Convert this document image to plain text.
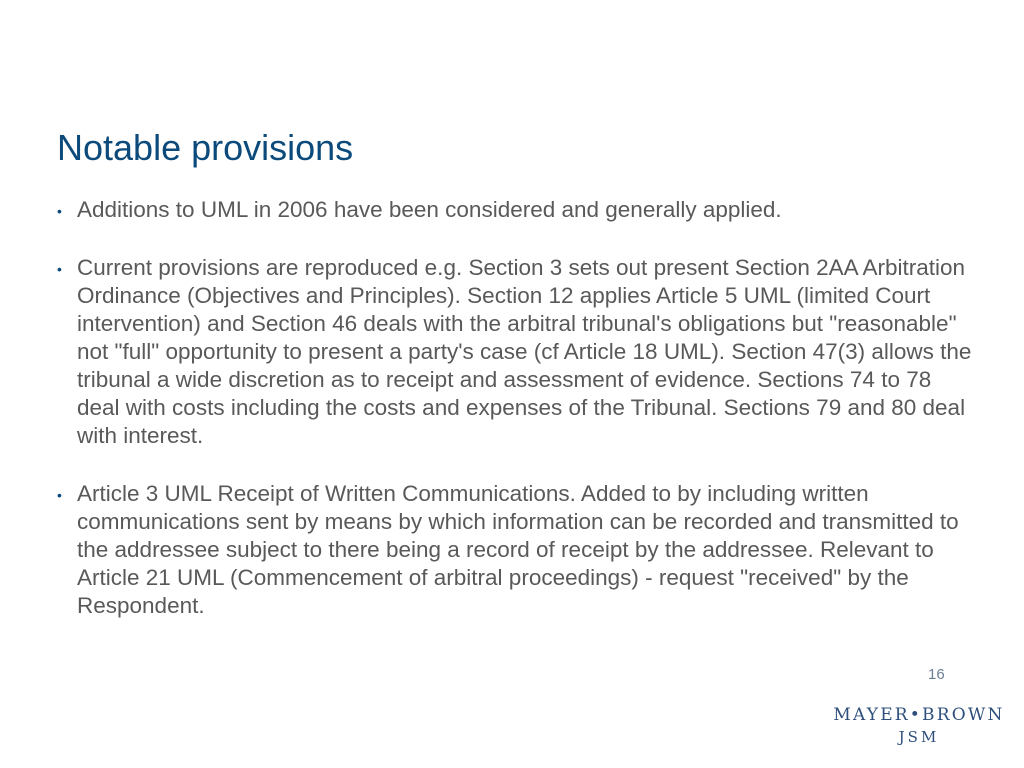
Notable provisions
• Additions to UML in 2006 have been considered and generally applied.
• Current provisions are reproduced e.g. Section 3 sets out present Section 2AA Arbitration Ordinance (Objectives and Principles). Section 12 applies Article 5 UML (limited Court intervention) and Section 46 deals with the arbitral tribunal's obligations but "reasonable" not "full" opportunity to present a party's case (cf Article 18 UML). Section 47(3) allows the tribunal a wide discretion as to receipt and assessment of evidence. Sections 74 to 78 deal with costs including the costs and expenses of the Tribunal. Sections 79 and 80 deal with interest.
• Article 3 UML Receipt of Written Communications. Added to by including written communications sent by means by which information can be recorded and transmitted to the addressee subject to there being a record of receipt by the addressee. Relevant to Article 21 UML (Commencement of arbitral proceedings) - request "received" by the Respondent.
16
MAYER•BROWN
JSM
